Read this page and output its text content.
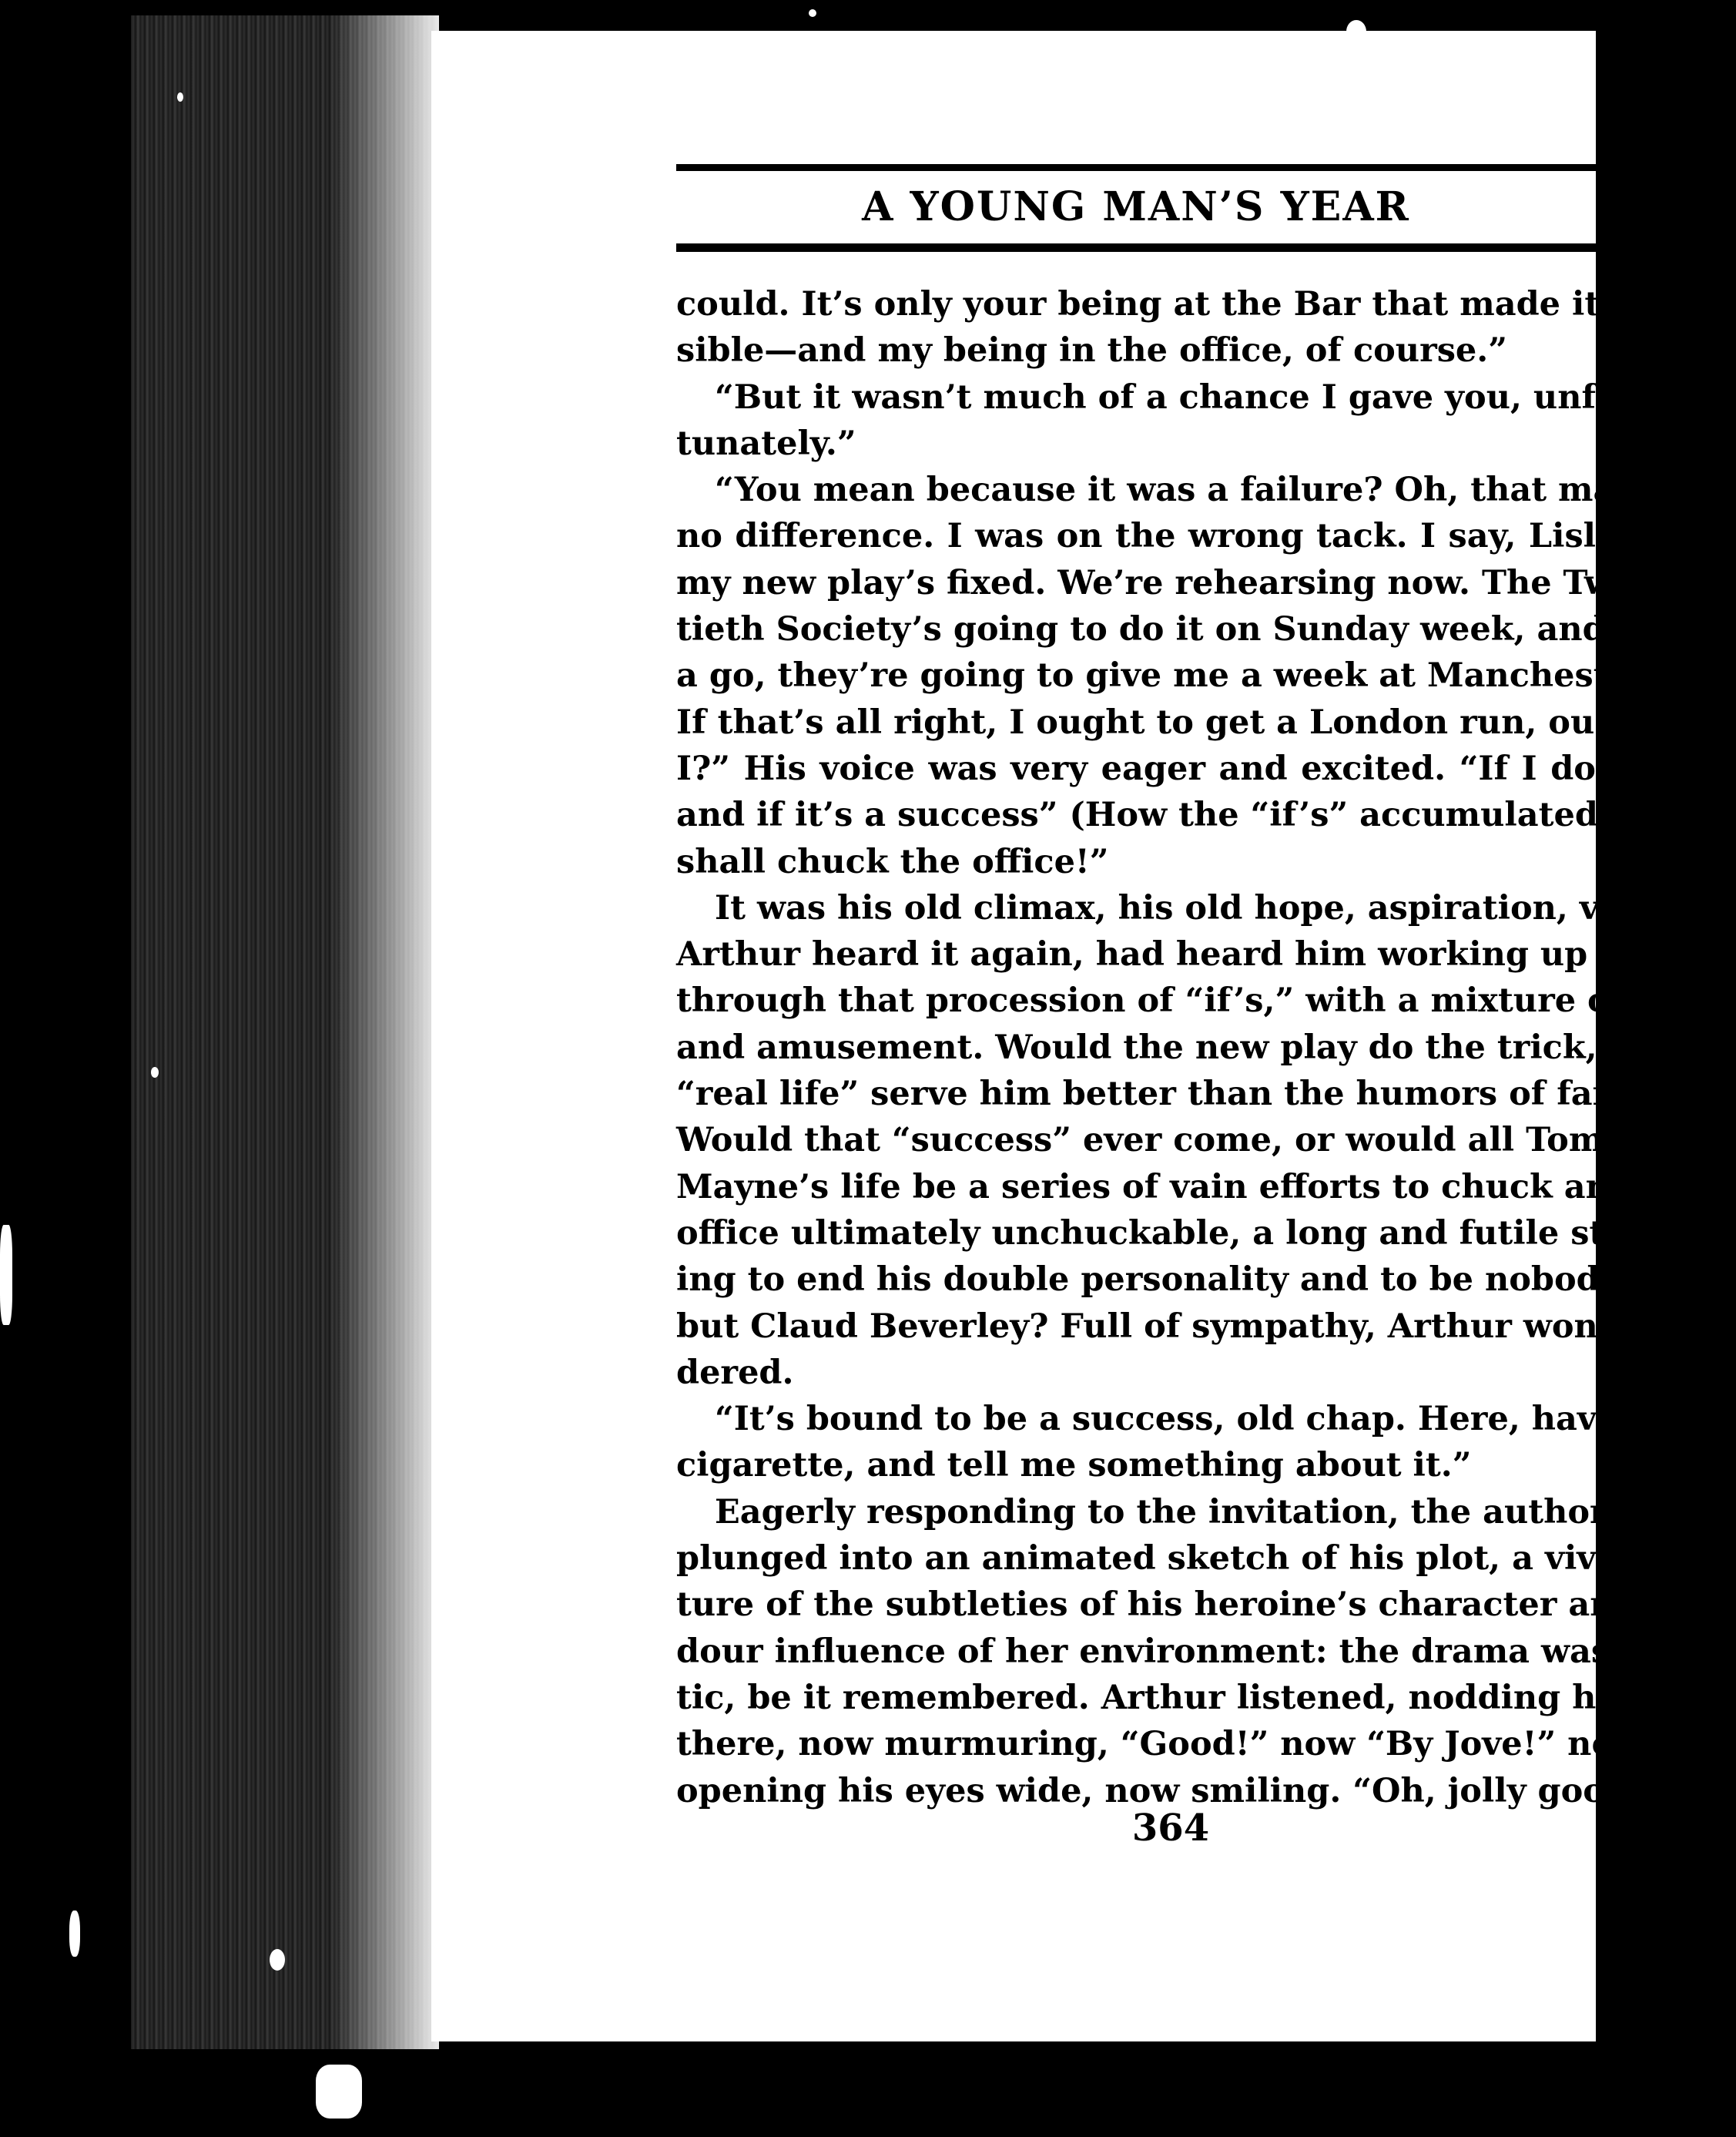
A YOUNG MAN’S YEAR
could. It’s only your being at the Bar that made it pos
sible—and my being in the office, of course.”
“But it wasn’t much of a chance I gave you, unfor
tunately.”
“You mean because it was a failure? Oh, that make
no difference. I was on the wrong tack. I say, Lisl
my new play’s fixed. We’re rehearsing now. The Twen
tieth Society’s going to do it on Sunday week, and, if it
a go, they’re going to give me a week at Mancheste
If that’s all right, I ought to get a London run, oughtn
I?” His voice was very eager and excited. “If I do
and if it’s a success” (How the “if’s” accumulated!), “
shall chuck the office!”
It was his old climax, his old hope, aspiration, vision
Arthur heard it again, had heard him working up to i
through that procession of “if’s,” with a mixture of pit
and amusement. Would the new play do the trick, woul
“real life” serve him better than the humors of farce
Would that “success” ever come, or would all Tom
Mayne’s life be a series of vain efforts to chuck an
office ultimately unchuckable, a long and futile striv
ing to end his double personality and to be nobody
but Claud Beverley? Full of sympathy, Arthur won
dered.
“It’s bound to be a success, old chap. Here, have a
cigarette, and tell me something about it.”
Eagerly responding to the invitation, the author
plunged into an animated sketch of his plot, a vivid pic
ture of the subtleties of his heroine’s character and the
dour influence of her environment: the drama was realis
tic, be it remembered. Arthur listened, nodding here and
there, now murmuring, “Good!” now “By Jove!” now
opening his eyes wide, now smiling. “Oh, jolly good!”
364
